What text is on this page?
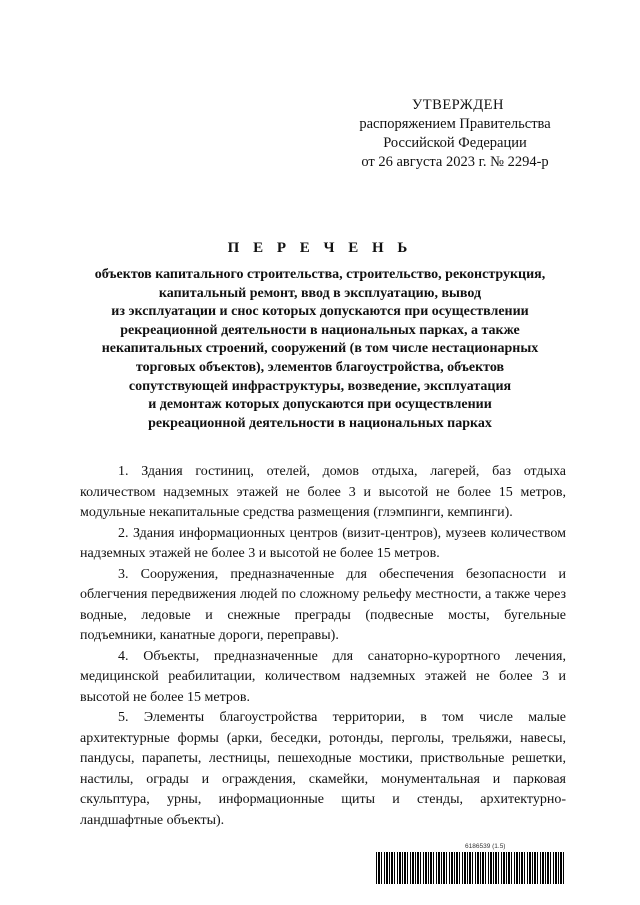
УТВЕРЖДЕН
распоряжением Правительства
Российской Федерации
от 26 августа 2023 г. № 2294-р
П Е Р Е Ч Е Н Ь
объектов капитального строительства, строительство, реконструкция,
капитальный ремонт, ввод в эксплуатацию, вывод
из эксплуатации и снос которых допускаются при осуществлении
рекреационной деятельности в национальных парках, а также
некапитальных строений, сооружений (в том числе нестационарных
торговых объектов), элементов благоустройства, объектов
сопутствующей инфраструктуры, возведение, эксплуатация
и демонтаж которых допускаются при осуществлении
рекреационной деятельности в национальных парках

1. Здания гостиниц, отелей, домов отдыха, лагерей, баз отдыха количеством надземных этажей не более 3 и высотой не более 15 метров, модульные некапитальные средства размещения (глэмпинги, кемпинги).

2. Здания информационных центров (визит-центров), музеев количеством надземных этажей не более 3 и высотой не более 15 метров.

3. Сооружения, предназначенные для обеспечения безопасности и облегчения передвижения людей по сложному рельефу местности, а также через водные, ледовые и снежные преграды (подвесные мосты, бугельные подъемники, канатные дороги, переправы).

4. Объекты, предназначенные для санаторно-курортного лечения, медицинской реабилитации, количеством надземных этажей не более 3 и высотой не более 15 метров.

5. Элементы благоустройства территории, в том числе малые архитектурные формы (арки, беседки, ротонды, перголы, трельяжи, навесы, пандусы, парапеты, лестницы, пешеходные мостики, приствольные решетки, настилы, ограды и ограждения, скамейки, монументальная и парковая скульптура, урны, информационные щиты и стенды, архитектурно-ландшафтные объекты).

6186539 (1.5)
